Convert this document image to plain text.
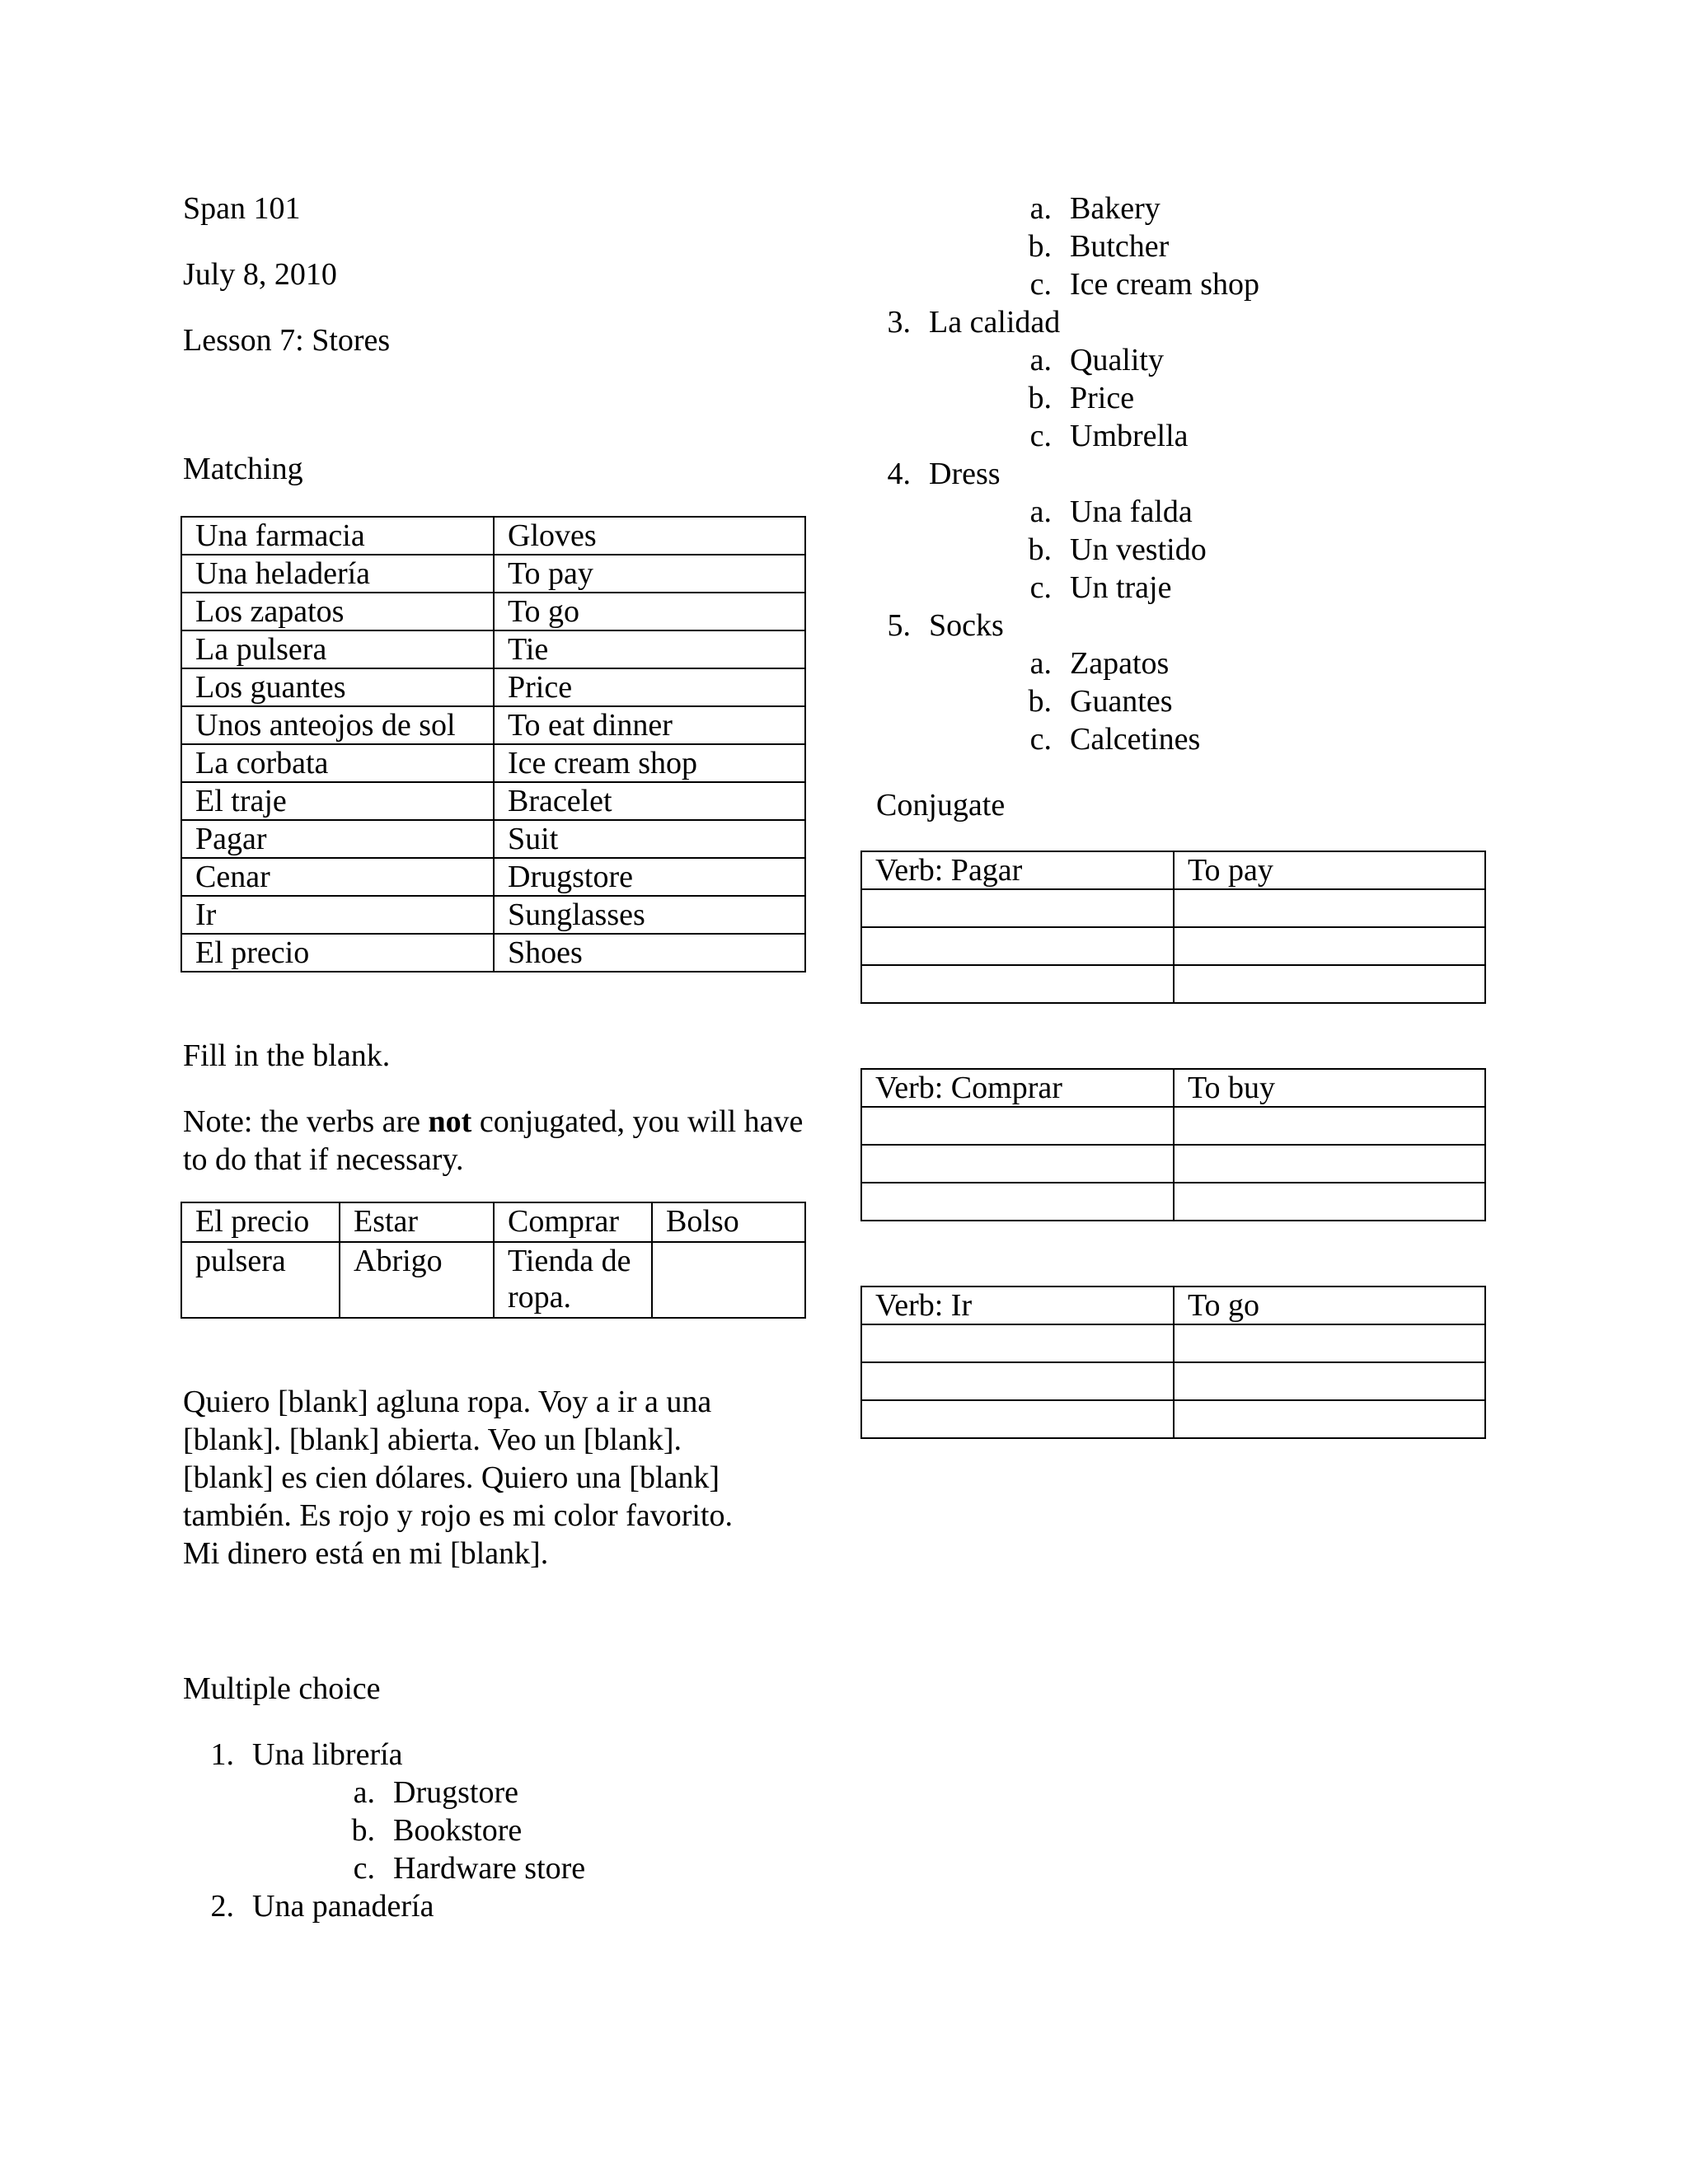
Span 101

July 8, 2010

Lesson 7: Stores

Matching

Una farmacia	Gloves
Una heladería	To pay
Los zapatos	To go
La pulsera	Tie
Los guantes	Price
Unos anteojos de sol	To eat dinner
La corbata	Ice cream shop
El traje	Bracelet
Pagar	Suit
Cenar	Drugstore
Ir	Sunglasses
El precio	Shoes

Fill in the blank.

Note: the verbs are not conjugated, you will have to do that if necessary.

El precio	Estar	Comprar	Bolso
pulsera	Abrigo	Tienda de ropa.	

Quiero [blank] agluna ropa. Voy a ir a una [blank]. [blank] abierta. Veo un [blank]. [blank] es cien dólares. Quiero una [blank] también. Es rojo y rojo es mi color favorito. Mi dinero está en mi [blank].

Multiple choice

1. Una librería
a. Drugstore
b. Bookstore
c. Hardware store
2. Una panadería
a. Bakery
b. Butcher
c. Ice cream shop
3. La calidad
a. Quality
b. Price
c. Umbrella
4. Dress
a. Una falda
b. Un vestido
c. Un traje
5. Socks
a. Zapatos
b. Guantes
c. Calcetines

Conjugate

Verb: Pagar	To pay

Verb: Comprar	To buy

Verb: Ir	To go
